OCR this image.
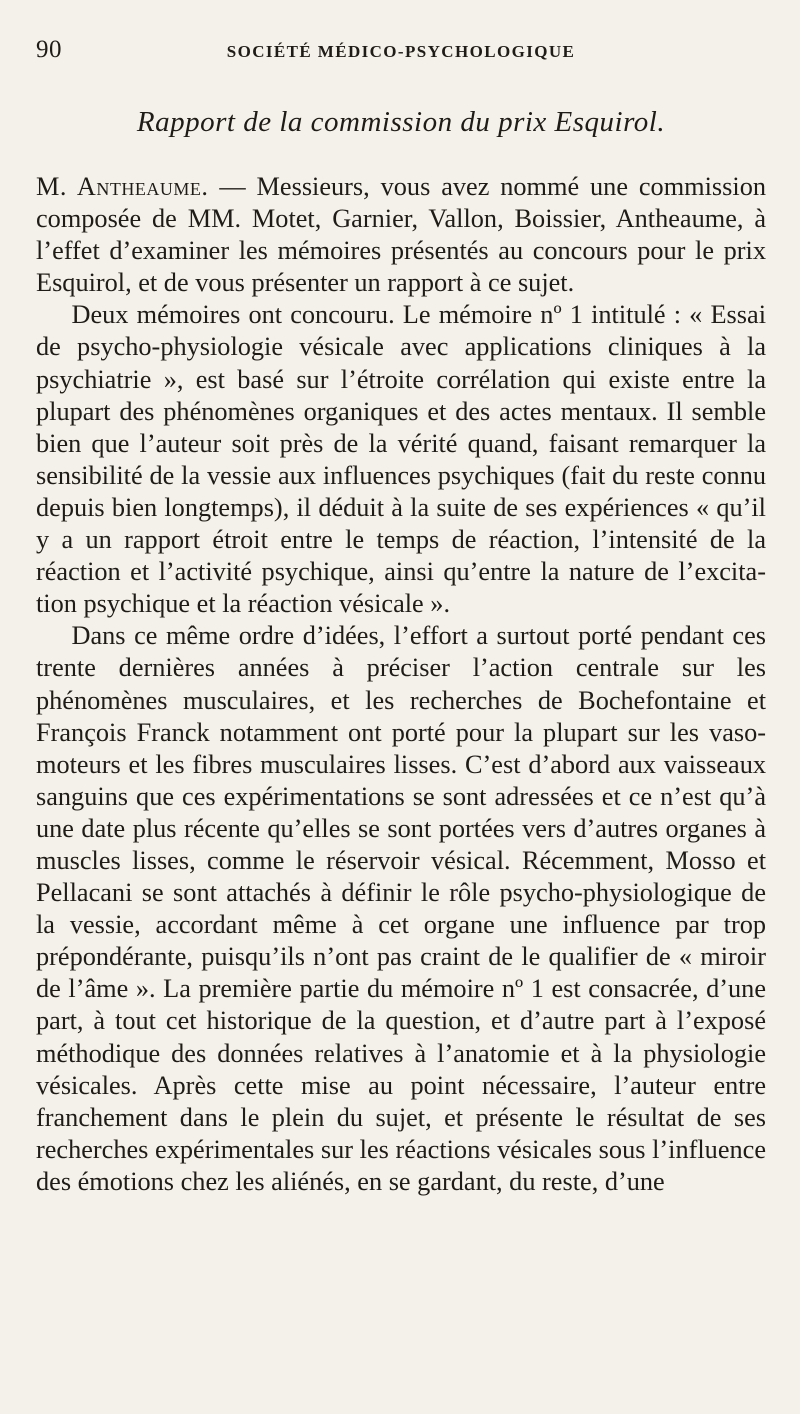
90	SOCIÉTÉ MÉDICO-PSYCHOLOGIQUE
Rapport de la commission du prix Esquirol.

M. Antheaume. — Messieurs, vous avez nommé une commission composée de MM. Motet, Garnier, Vallon, Boissier, Antheaume, à l’effet d’examiner les mémoires présentés au concours pour le prix Esquirol, et de vous présenter un rapport à ce sujet.

Deux mémoires ont concouru. Le mémoire nº 1 intitulé : « Essai de psycho-physiologie vésicale avec applications cliniques à la psychiatrie », est basé sur l’étroite corrélation qui existe entre la plupart des phénomènes organiques et des actes mentaux. Il semble bien que l’auteur soit près de la vérité quand, faisant remarquer la sensibilité de la vessie aux influences psychiques (fait du reste connu depuis bien longtemps), il déduit à la suite de ses expériences « qu’il y a un rapport étroit entre le temps de réaction, l’intensité de la réaction et l’activité psychique, ainsi qu’entre la nature de l’excitation psychique et la réaction vésicale ».

Dans ce même ordre d’idées, l’effort a surtout porté pendant ces trente dernières années à préciser l’action centrale sur les phénomènes musculaires, et les recherches de Bochefontaine et François Franck notamment ont porté pour la plupart sur les vaso-moteurs et les fibres musculaires lisses. C’est d’abord aux vaisseaux sanguins que ces expérimentations se sont adressées et ce n’est qu’à une date plus récente qu’elles se sont portées vers d’autres organes à muscles lisses, comme le réservoir vésical. Récemment, Mosso et Pellacani se sont attachés à définir le rôle psycho-physiologique de la vessie, accordant même à cet organe une influence par trop prépondérante, puisqu’ils n’ont pas craint de le qualifier de « miroir de l’âme ». La première partie du mémoire nº 1 est consacrée, d’une part, à tout cet historique de la question, et d’autre part à l’exposé méthodique des données relatives à l’anatomie et à la physiologie vésicales. Après cette mise au point nécessaire, l’auteur entre franchement dans le plein du sujet, et présente le résultat de ses recherches expérimentales sur les réactions vésicales sous l’influence des émotions chez les aliénés, en se gardant, du reste, d’une
